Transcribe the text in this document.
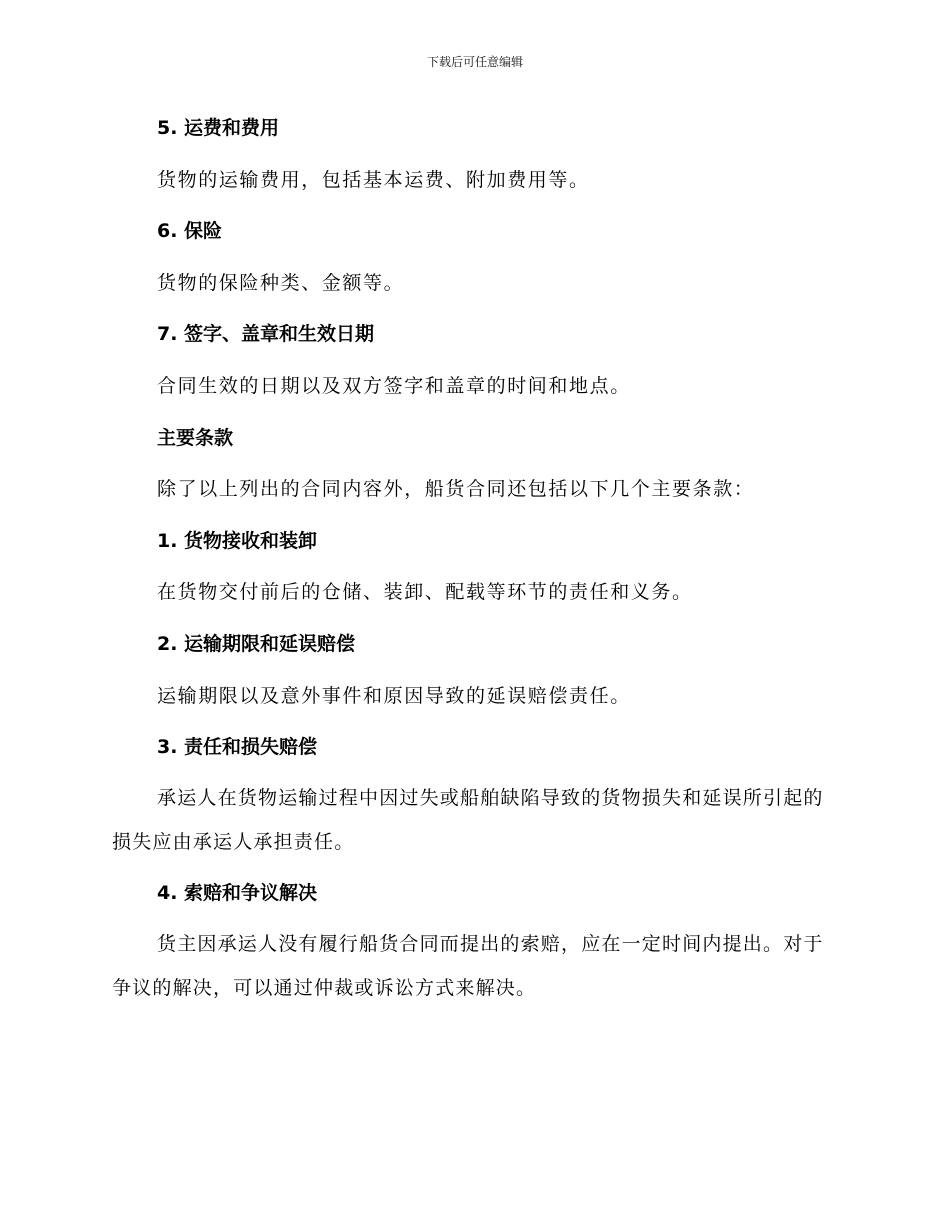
下载后可任意编辑
5. 运费和费用
货物的运输费用，包括基本运费、附加费用等。
6. 保险
货物的保险种类、金额等。
7. 签字、盖章和生效日期
合同生效的日期以及双方签字和盖章的时间和地点。
主要条款
除了以上列出的合同内容外，船货合同还包括以下几个主要条款：
1. 货物接收和装卸
在货物交付前后的仓储、装卸、配载等环节的责任和义务。
2. 运输期限和延误赔偿
运输期限以及意外事件和原因导致的延误赔偿责任。
3. 责任和损失赔偿
承运人在货物运输过程中因过失或船舶缺陷导致的货物损失和延误所引起的损失应由承运人承担责任。
4. 索赔和争议解决
货主因承运人没有履行船货合同而提出的索赔，应在一定时间内提出。对于争议的解决，可以通过仲裁或诉讼方式来解决。
